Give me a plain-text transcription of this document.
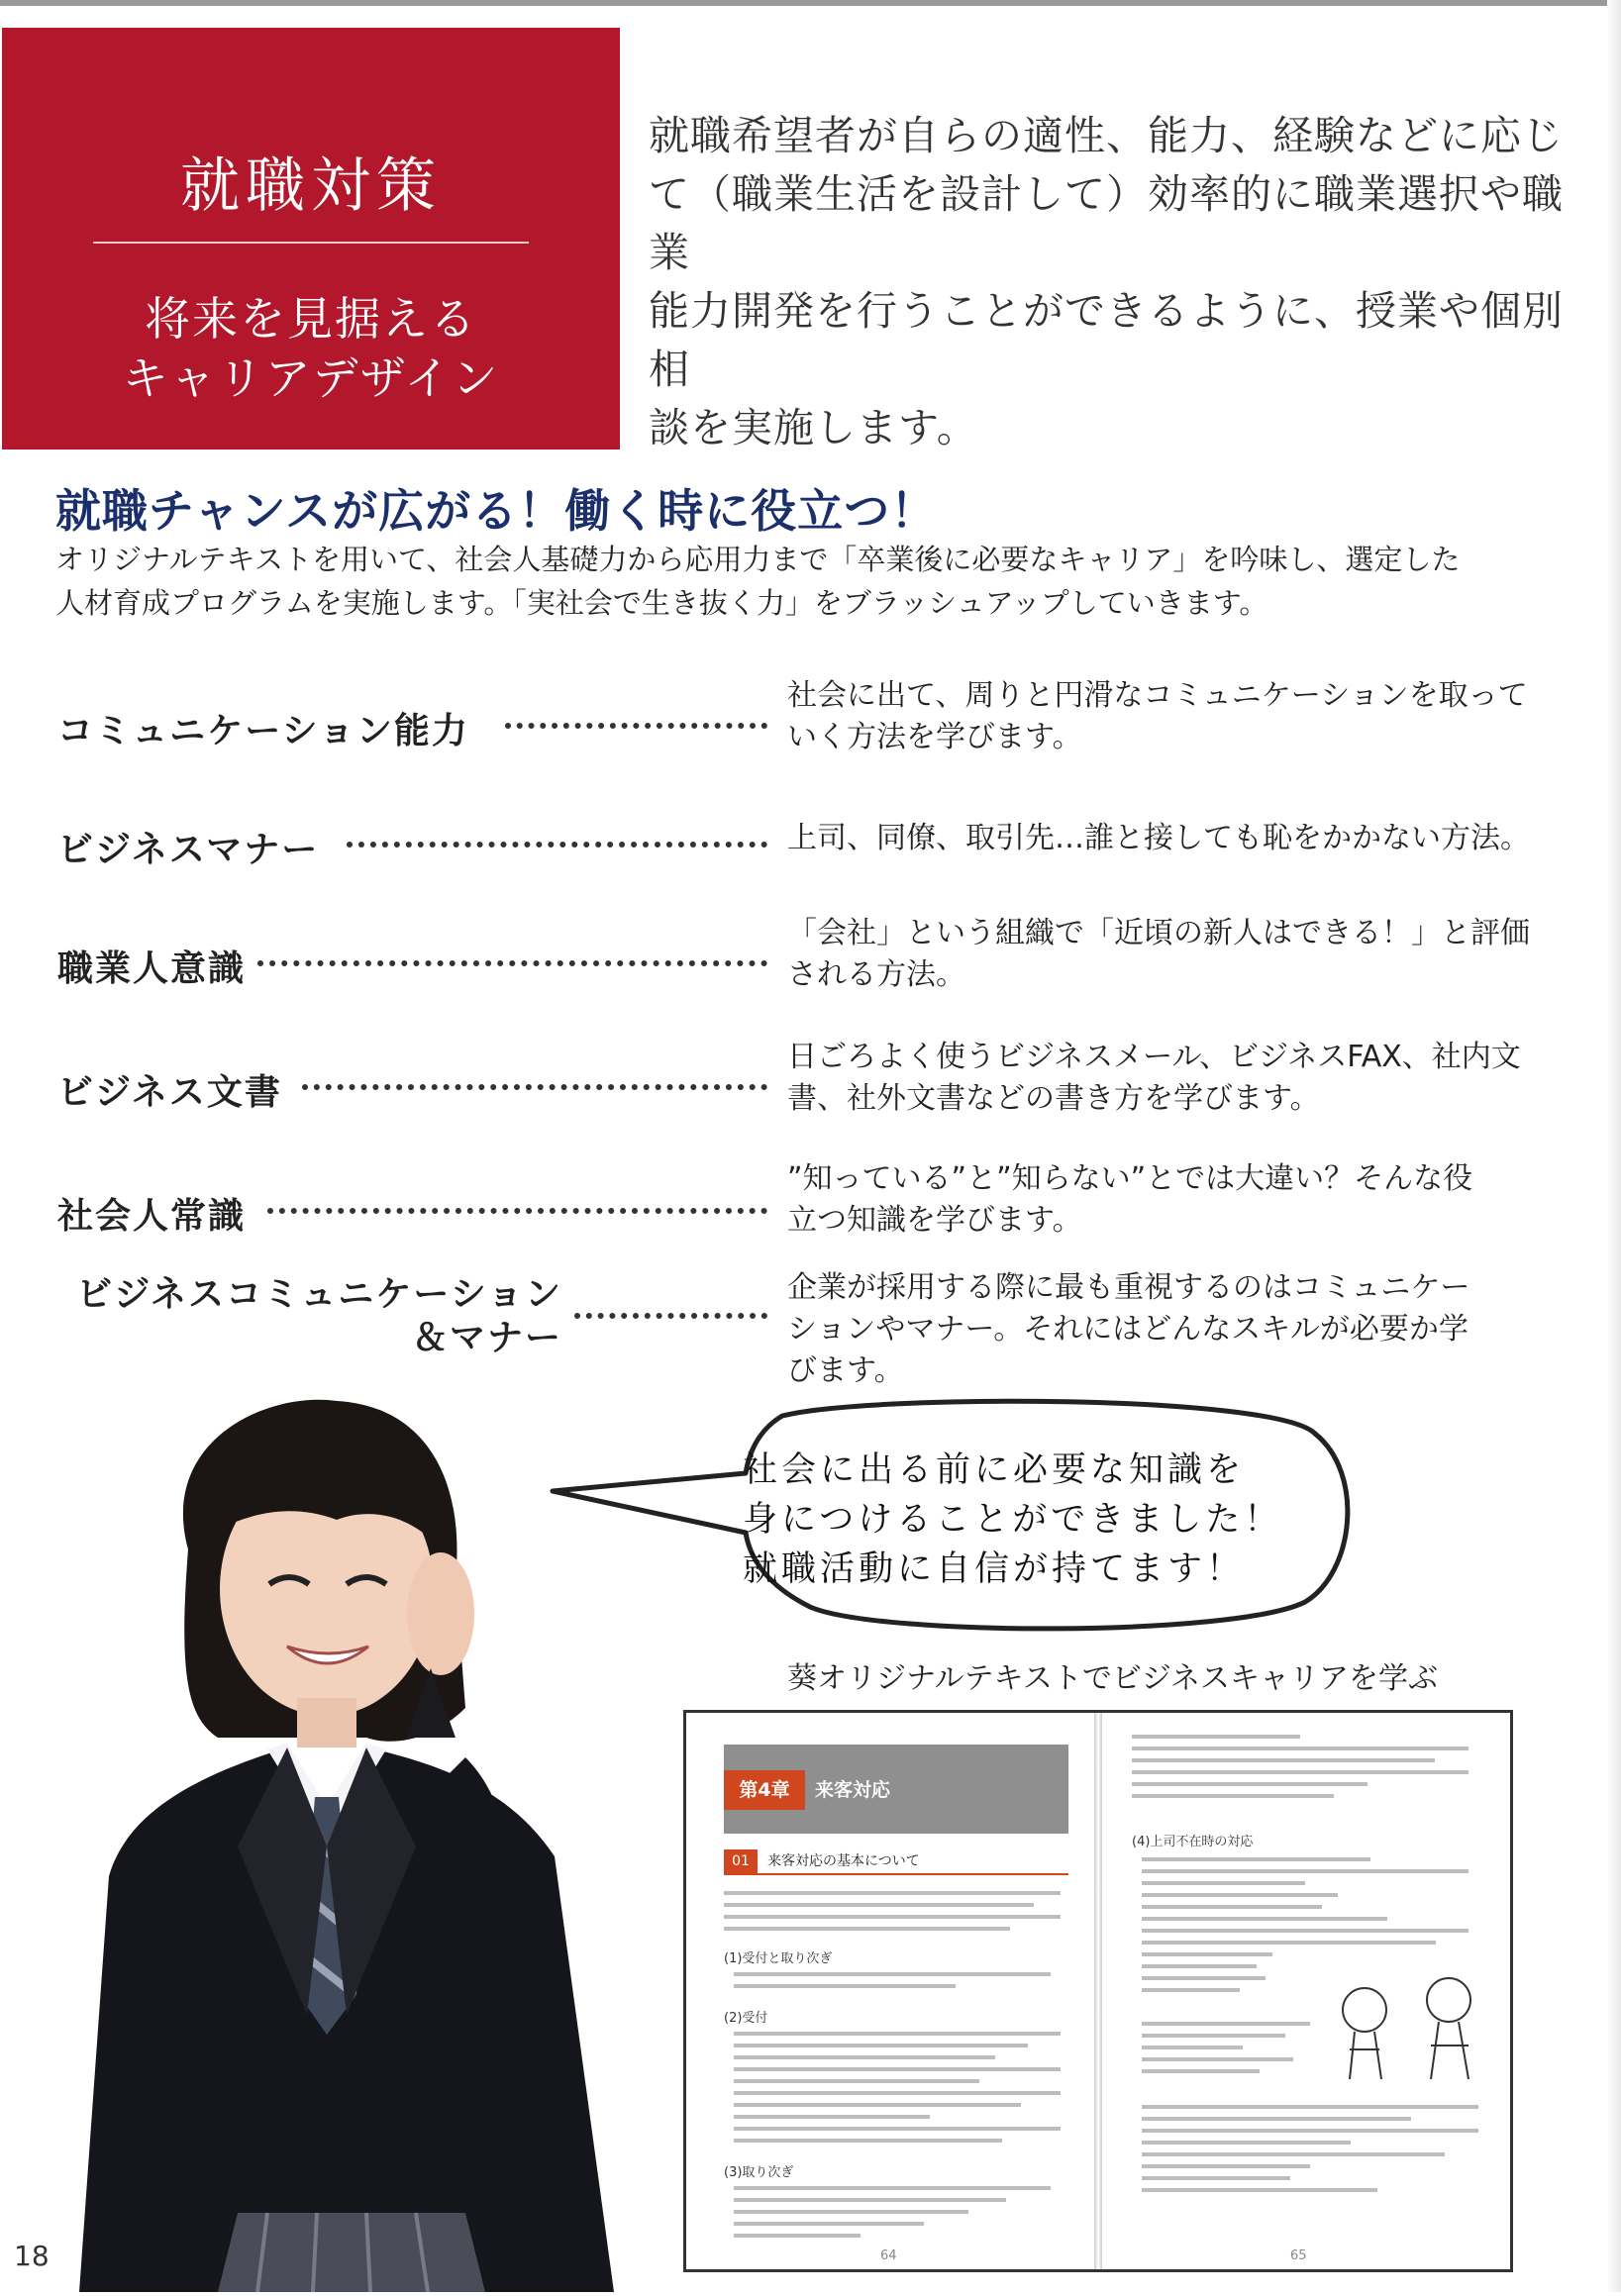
就職対策
将来を見据える
キャリアデザイン
就職希望者が自らの適性、能力、経験などに応じ
て（職業生活を設計して）効率的に職業選択や職業
能力開発を行うことができるように、授業や個別相
談を実施します。
就職チャンスが広がる！働く時に役立つ！
オリジナルテキストを用いて、社会人基礎力から応用力まで「卒業後に必要なキャリア」を吟味し、選定した
人材育成プログラムを実施します。「実社会で生き抜く力」をブラッシュアップしていきます。
コミュニケーション能力
社会に出て、周りと円滑なコミュニケーションを取って
いく方法を学びます。
ビジネスマナー	上司、同僚、取引先…誰と接しても恥をかかない方法。
職業人意識
「会社」という組織で「近頃の新人はできる！」と評価
される方法。
ビジネス文書
日ごろよく使うビジネスメール、ビジネスFAX、社内文
書、社外文書などの書き方を学びます。
社会人常識
”知っている”と”知らない”とでは大違い？そんな役
立つ知識を学びます。
ビジネスコミュニケーション
＆マナー
企業が採用する際に最も重視するのはコミュニケー
ションやマナー。それにはどんなスキルが必要か学
びます。
社会に出る前に必要な知識を
身につけることができました！
就職活動に自信が持てます！
葵オリジナルテキストでビジネスキャリアを学ぶ
第4章	来客対応
01 来客対応の基本について
(1)受付と取り次ぎ
(2)受付
(3)取り次ぎ
64
(4)上司不在時の対応
65
18
